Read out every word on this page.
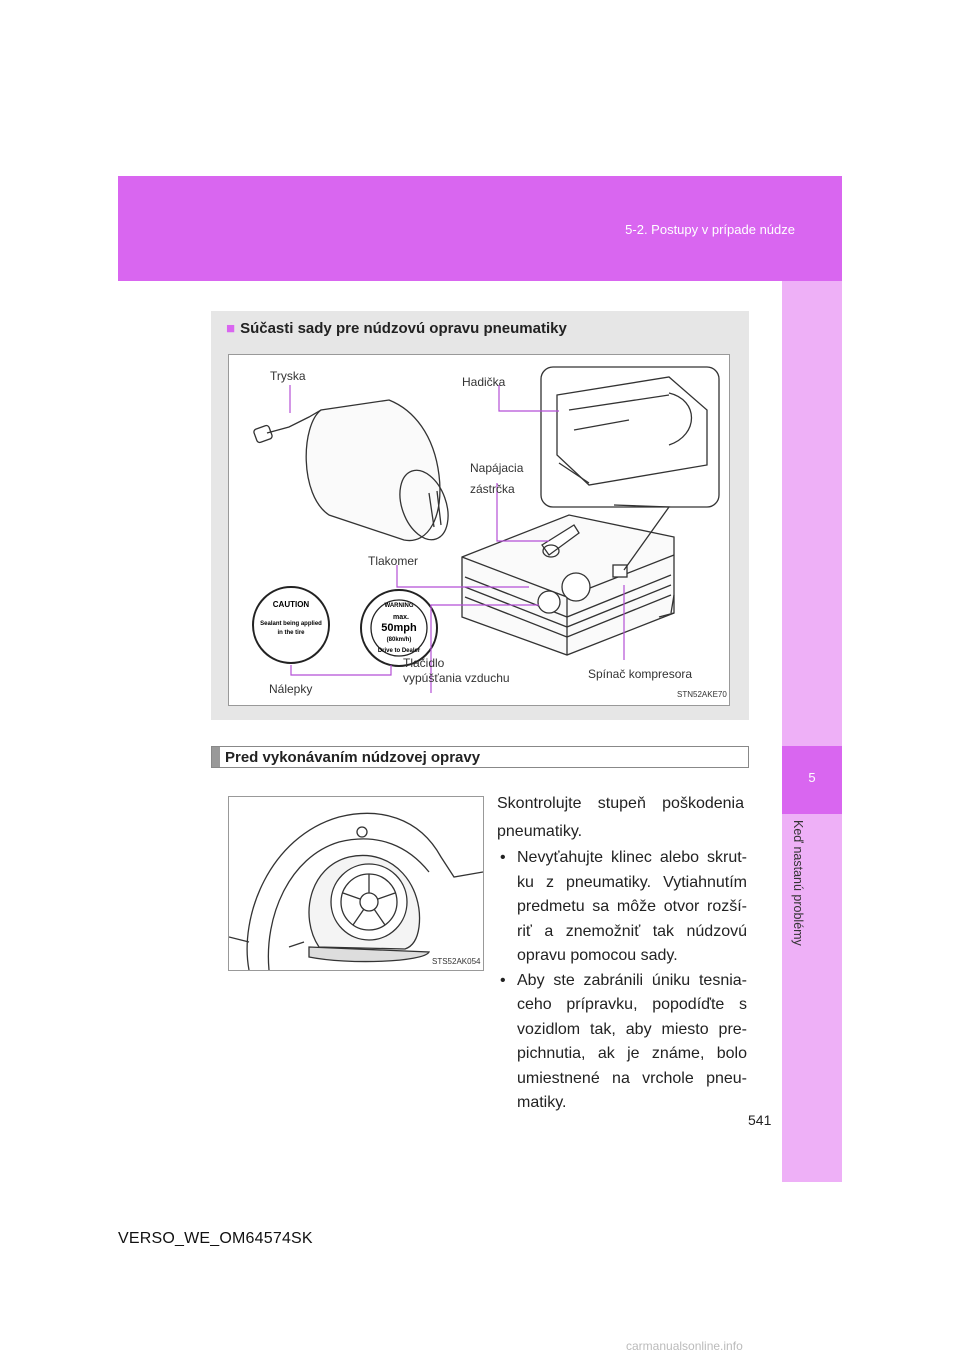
5-2. Postupy v prípade núdze
5
Keď nastanú problémy
■ Súčasti sady pre núdzovú opravu pneumatiky
CAUTION
Sealant being applied
in the tire
WARNING
max.
50mph
(80km/h)
Drive to Dealer
Tryska	Hadička
Napájacia
zástrčka
Tlakomer
Tlačidlo
vypúšťania vzduchu	Spínač kompresora
Nálepky	STN52AKE70
Pred vykonávaním núdzovej opravy
STS52AK054
Skontrolujte stupeň poškodenia pneumatiky.
• Nevyťahujte klinec alebo skrut-ku z pneumatiky. Vytiahnutím predmetu sa môže otvor rozší-riť a znemožniť tak núdzovú opravu pomocou sady.
• Aby ste zabránili úniku tesnia-ceho prípravku, popodíďte s vozidlom tak, aby miesto pre-pichnutia, ak je známe, bolo umiestnené na vrchole pneu-matiky.
541
VERSO_WE_OM64574SK
carmanualsonline.info
